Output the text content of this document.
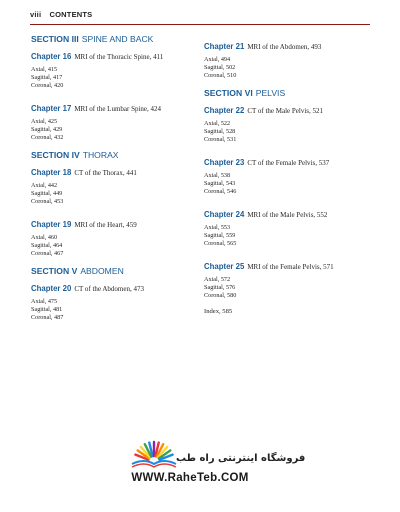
viii CONTENTS
SECTION III SPINE AND BACK
Chapter 16 MRI of the Thoracic Spine, 411
Axial, 415
Sagittal, 417
Coronal, 420
Chapter 17 MRI of the Lumbar Spine, 424
Axial, 425
Sagittal, 429
Coronal, 432
SECTION IV THORAX
Chapter 18 CT of the Thorax, 441
Axial, 442
Sagittal, 449
Coronal, 453
Chapter 19 MRI of the Heart, 459
Axial, 460
Sagittal, 464
Coronal, 467
SECTION V ABDOMEN
Chapter 20 CT of the Abdomen, 473
Axial, 475
Sagittal, 481
Coronal, 487
Chapter 21 MRI of the Abdomen, 493
Axial, 494
Sagittal, 502
Coronal, 510
SECTION VI PELVIS
Chapter 22 CT of the Male Pelvis, 521
Axial, 522
Sagittal, 528
Coronal, 531
Chapter 23 CT of the Female Pelvis, 537
Axial, 538
Sagittal, 543
Coronal, 546
Chapter 24 MRI of the Male Pelvis, 552
Axial, 553
Sagittal, 559
Coronal, 565
Chapter 25 MRI of the Female Pelvis, 571
Axial, 572
Sagittal, 576
Coronal, 580
Index, 585
فروشگاه اینترنتی راه طب
WWW.RaheTeb.COM
